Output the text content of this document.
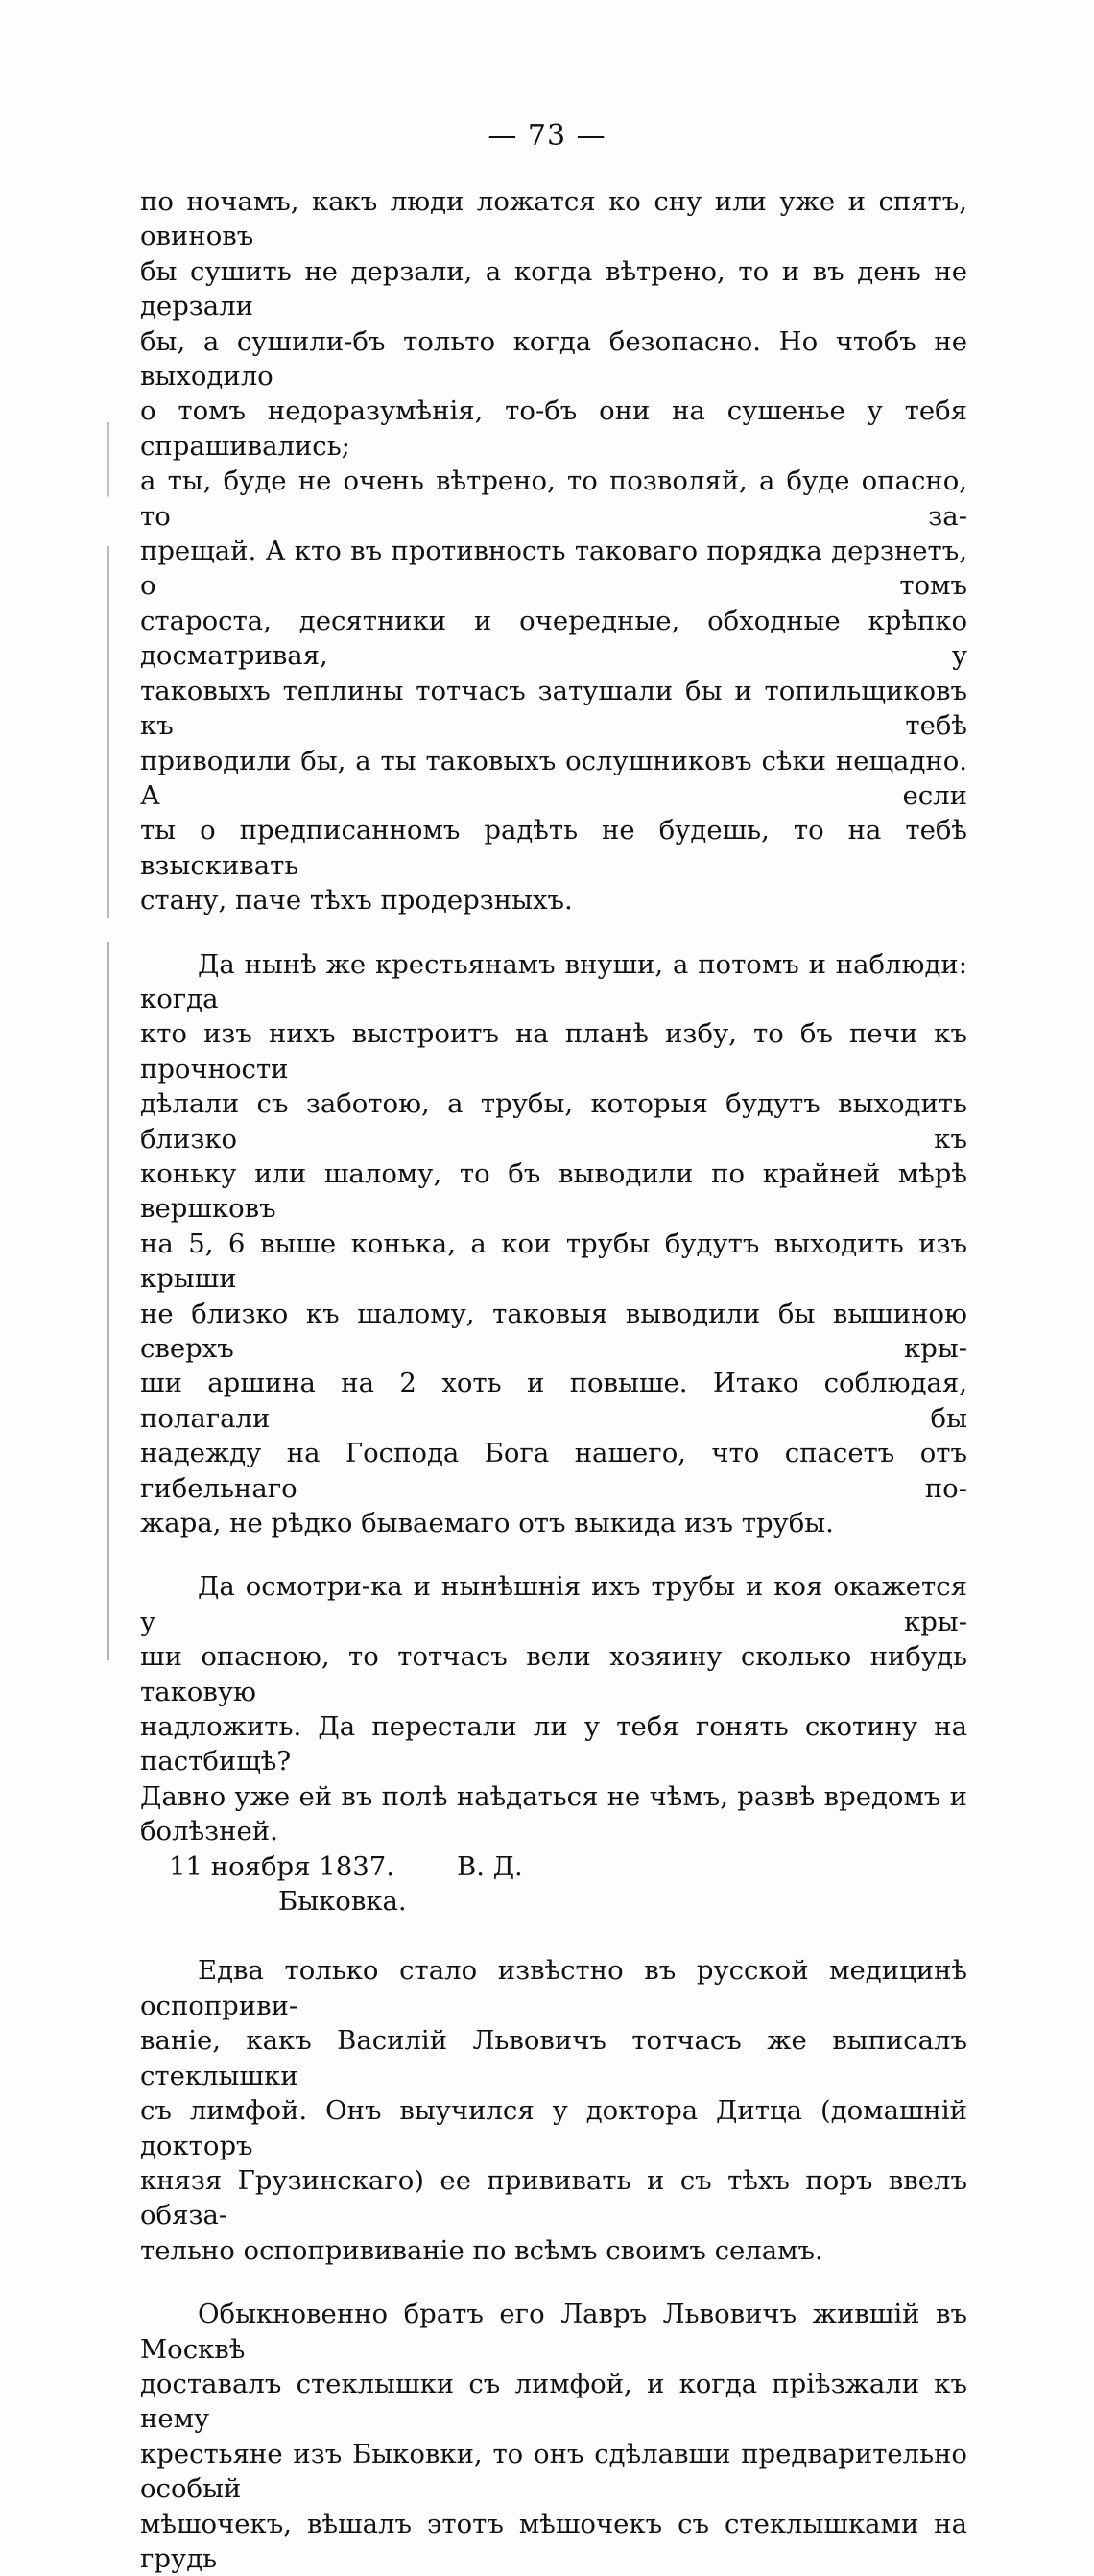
— 73 —

по ночамъ, какъ люди ложатся ко сну или уже и спятъ, овиновъ

бы сушить не дерзали, а когда вѣтрено, то и въ день не дерзали

бы, а сушили-бъ тольто когда безопасно. Но чтобъ не выходило

о томъ недоразумѣнія, то-бъ они на сушенье у тебя спрашивались;

а ты, буде не очень вѣтрено, то позволяй, а буде опасно, то за-

прещай. А кто въ противность таковаго порядка дерзнетъ, о томъ

староста, десятники и очередные, обходные крѣпко досматривая, у

таковыхъ теплины тотчасъ затушали бы и топильщиковъ къ тебѣ

приводили бы, а ты таковыхъ ослушниковъ сѣки нещадно. А если

ты о предписанномъ радѣть не будешь, то на тебѣ взыскивать

стану, паче тѣхъ продерзныхъ.

Да нынѣ же крестьянамъ внуши, а потомъ и наблюди: когда

кто изъ нихъ выстроитъ на планѣ избу, то бъ печи къ прочности

дѣлали съ заботою, а трубы, которыя будутъ выходить близко къ

коньку или шалому, то бъ выводили по крайней мѣрѣ вершковъ

на 5, 6 выше конька, а кои трубы будутъ выходить изъ крыши

не близко къ шалому, таковыя выводили бы вышиною сверхъ кры-

ши аршина на 2 хоть и повыше. Итако соблюдая, полагали бы

надежду на Господа Бога нашего, что спасетъ отъ гибельнаго по-

жара, не рѣдко бываемаго отъ выкида изъ трубы.

Да осмотри-ка и нынѣшнія ихъ трубы и коя окажется у кры-

ши опасною, то тотчасъ вели хозяину сколько нибудь таковую

надложить. Да перестали ли у тебя гонять скотину на пастбищѣ?

Давно уже ей въ полѣ наѣдаться не чѣмъ, развѣ вредомъ и болѣзней.

11 ноября 1837. В. Д.
Быковка.

Едва только стало извѣстно въ русской медицинѣ оспоприви-

ваніе, какъ Василій Львовичъ тотчасъ же выписалъ стеклышки

съ лимфой. Онъ выучился у доктора Дитца (домашній докторъ

князя Грузинскаго) ее прививать и съ тѣхъ поръ ввелъ обяза-

тельно оспопрививаніе по всѣмъ своимъ селамъ.

Обыкновенно братъ его Лавръ Львовичъ жившій въ Москвѣ

доставалъ стеклышки съ лимфой, и когда пріѣзжали къ нему

крестьяне изъ Быковки, то онъ сдѣлавши предварительно особый

мѣшочекъ, вѣшалъ этотъ мѣшочекъ съ стеклышками на грудь
